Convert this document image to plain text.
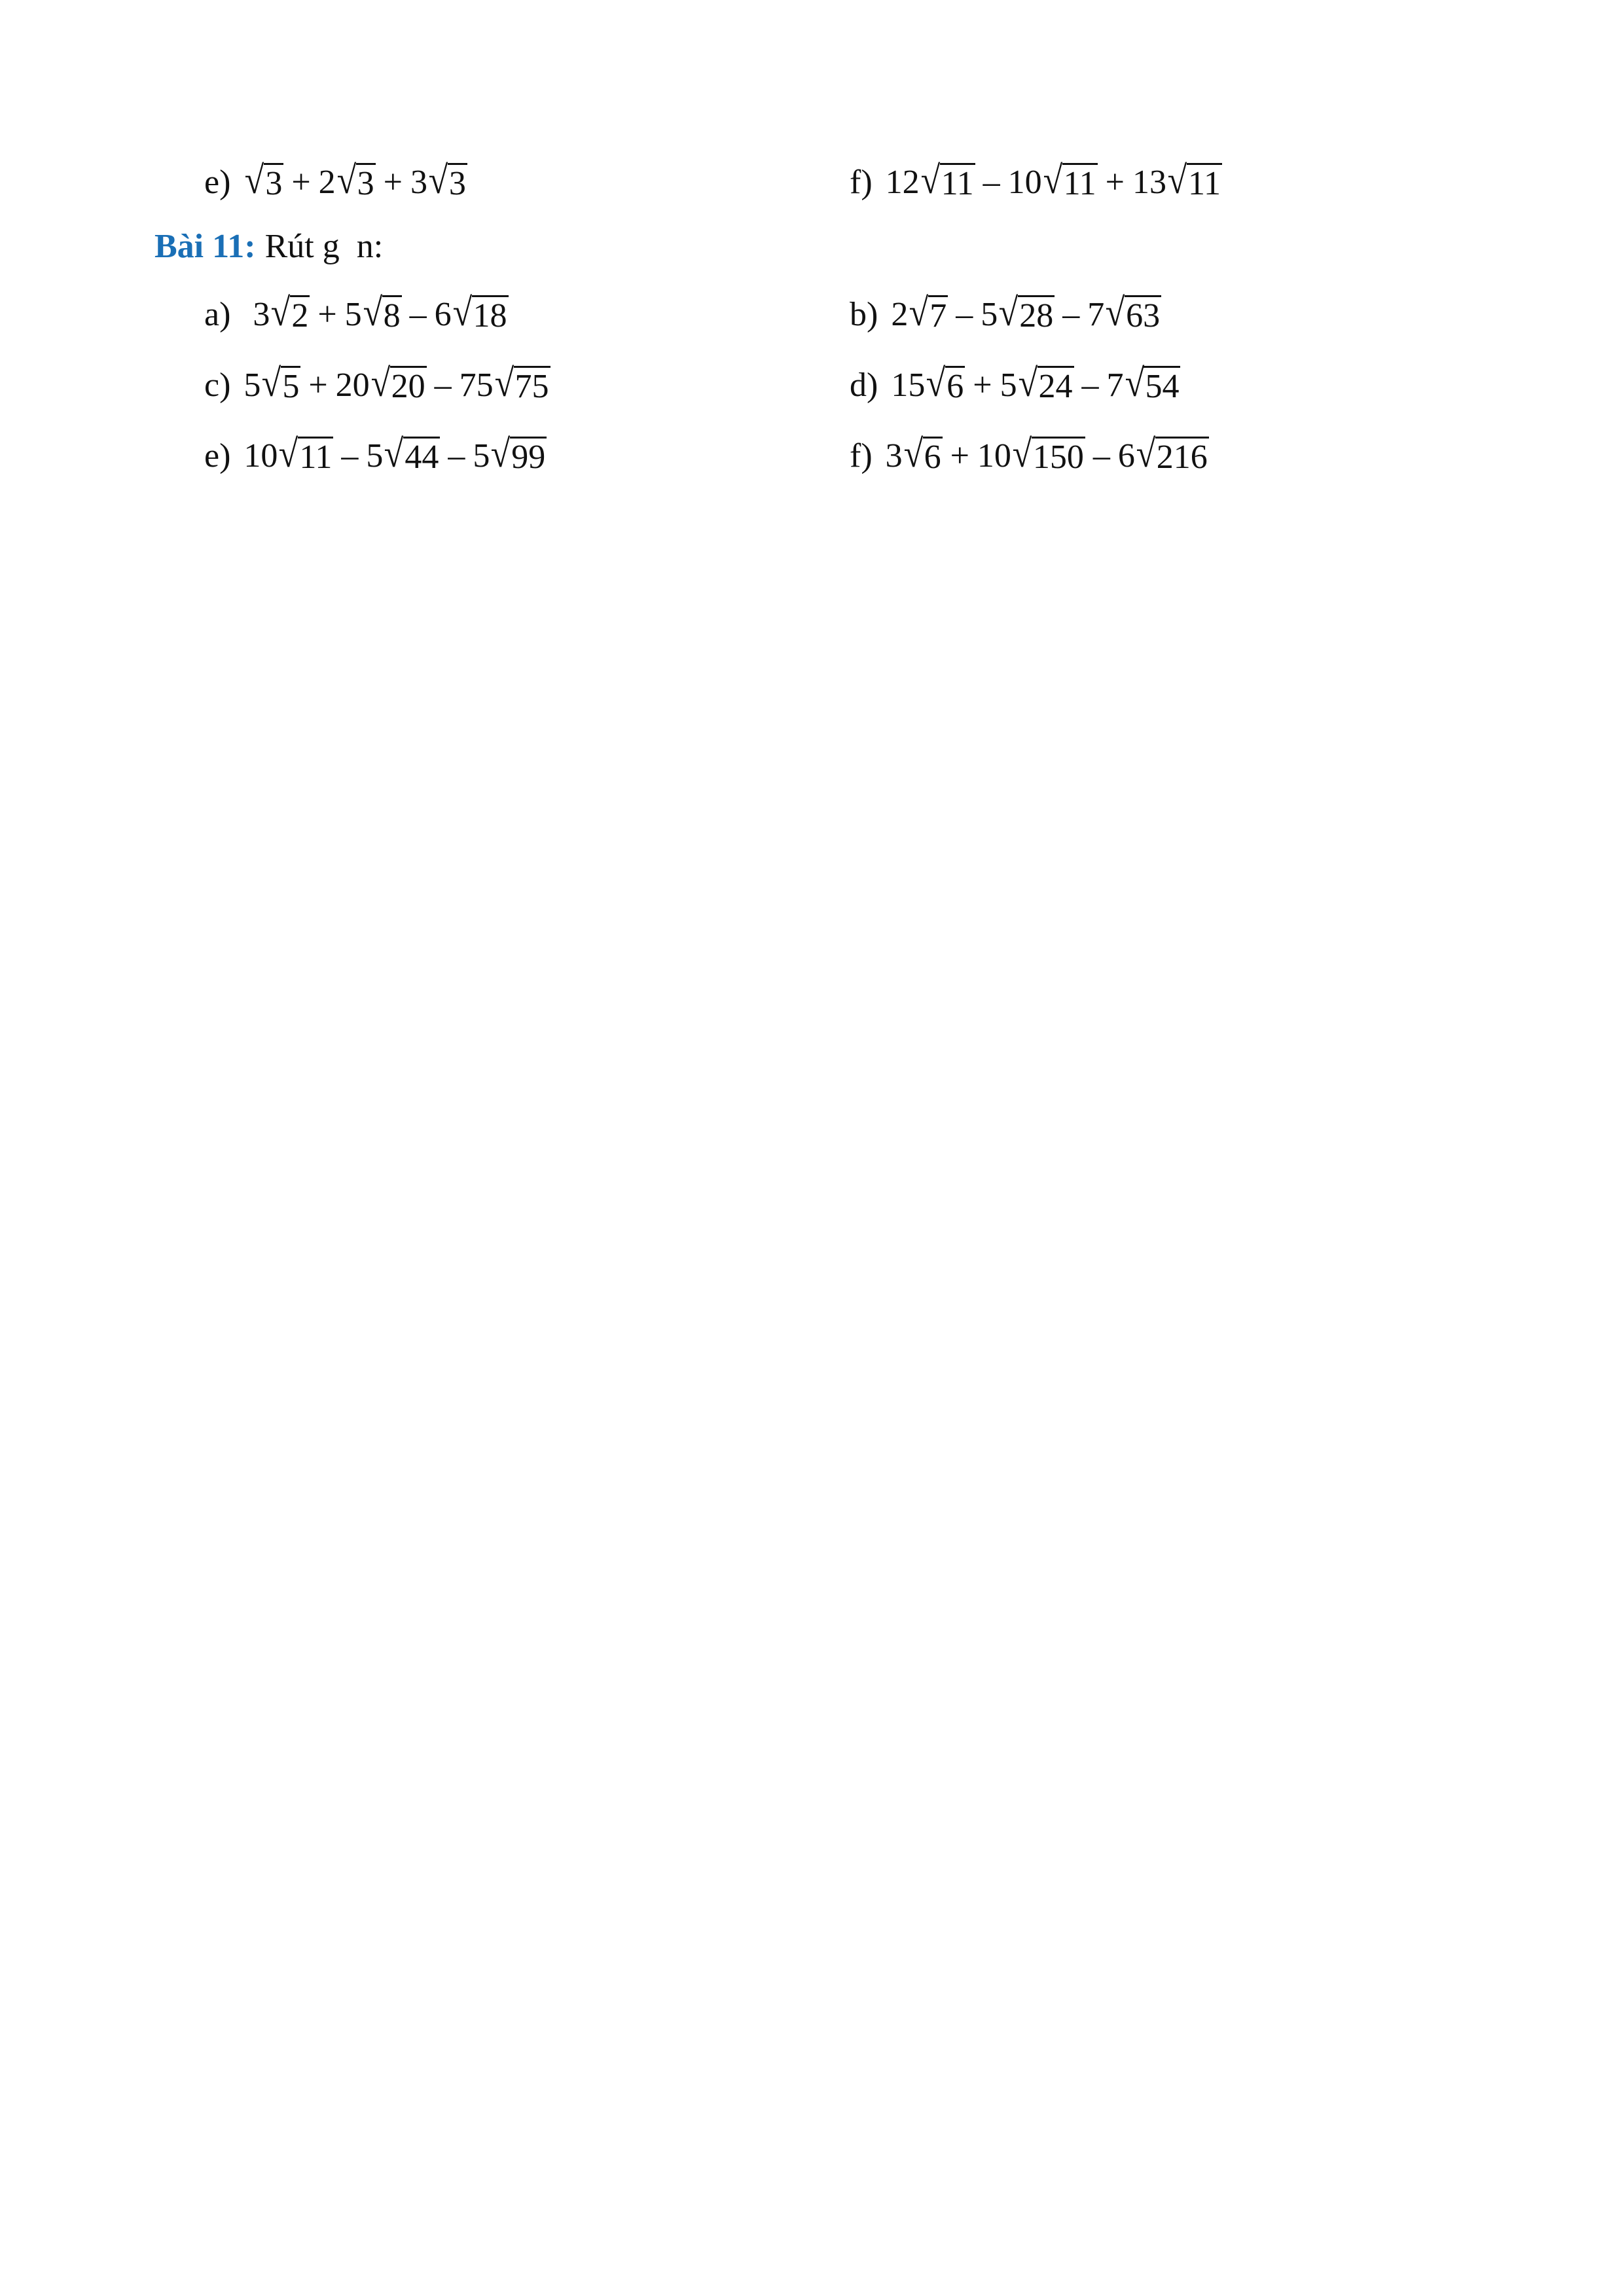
e) √ 3 + 2 √ 3 + 3 √ 3	f) 12 √ 11 – 10 √ 11 + 13 √ 11
Bài 11: Rút g  n:
a) 3 √ 2 + 5 √ 8 – 6 √ 18	b) 2 √ 7 – 5 √ 28 – 7 √ 63
c) 5 √ 5 + 20 √ 20 – 75 √ 75	d) 15 √ 6 + 5 √ 24 – 7 √ 54
e) 10 √ 11 – 5 √ 44 – 5 √ 99	f) 3 √ 6 + 10 √ 150 – 6 √ 216
